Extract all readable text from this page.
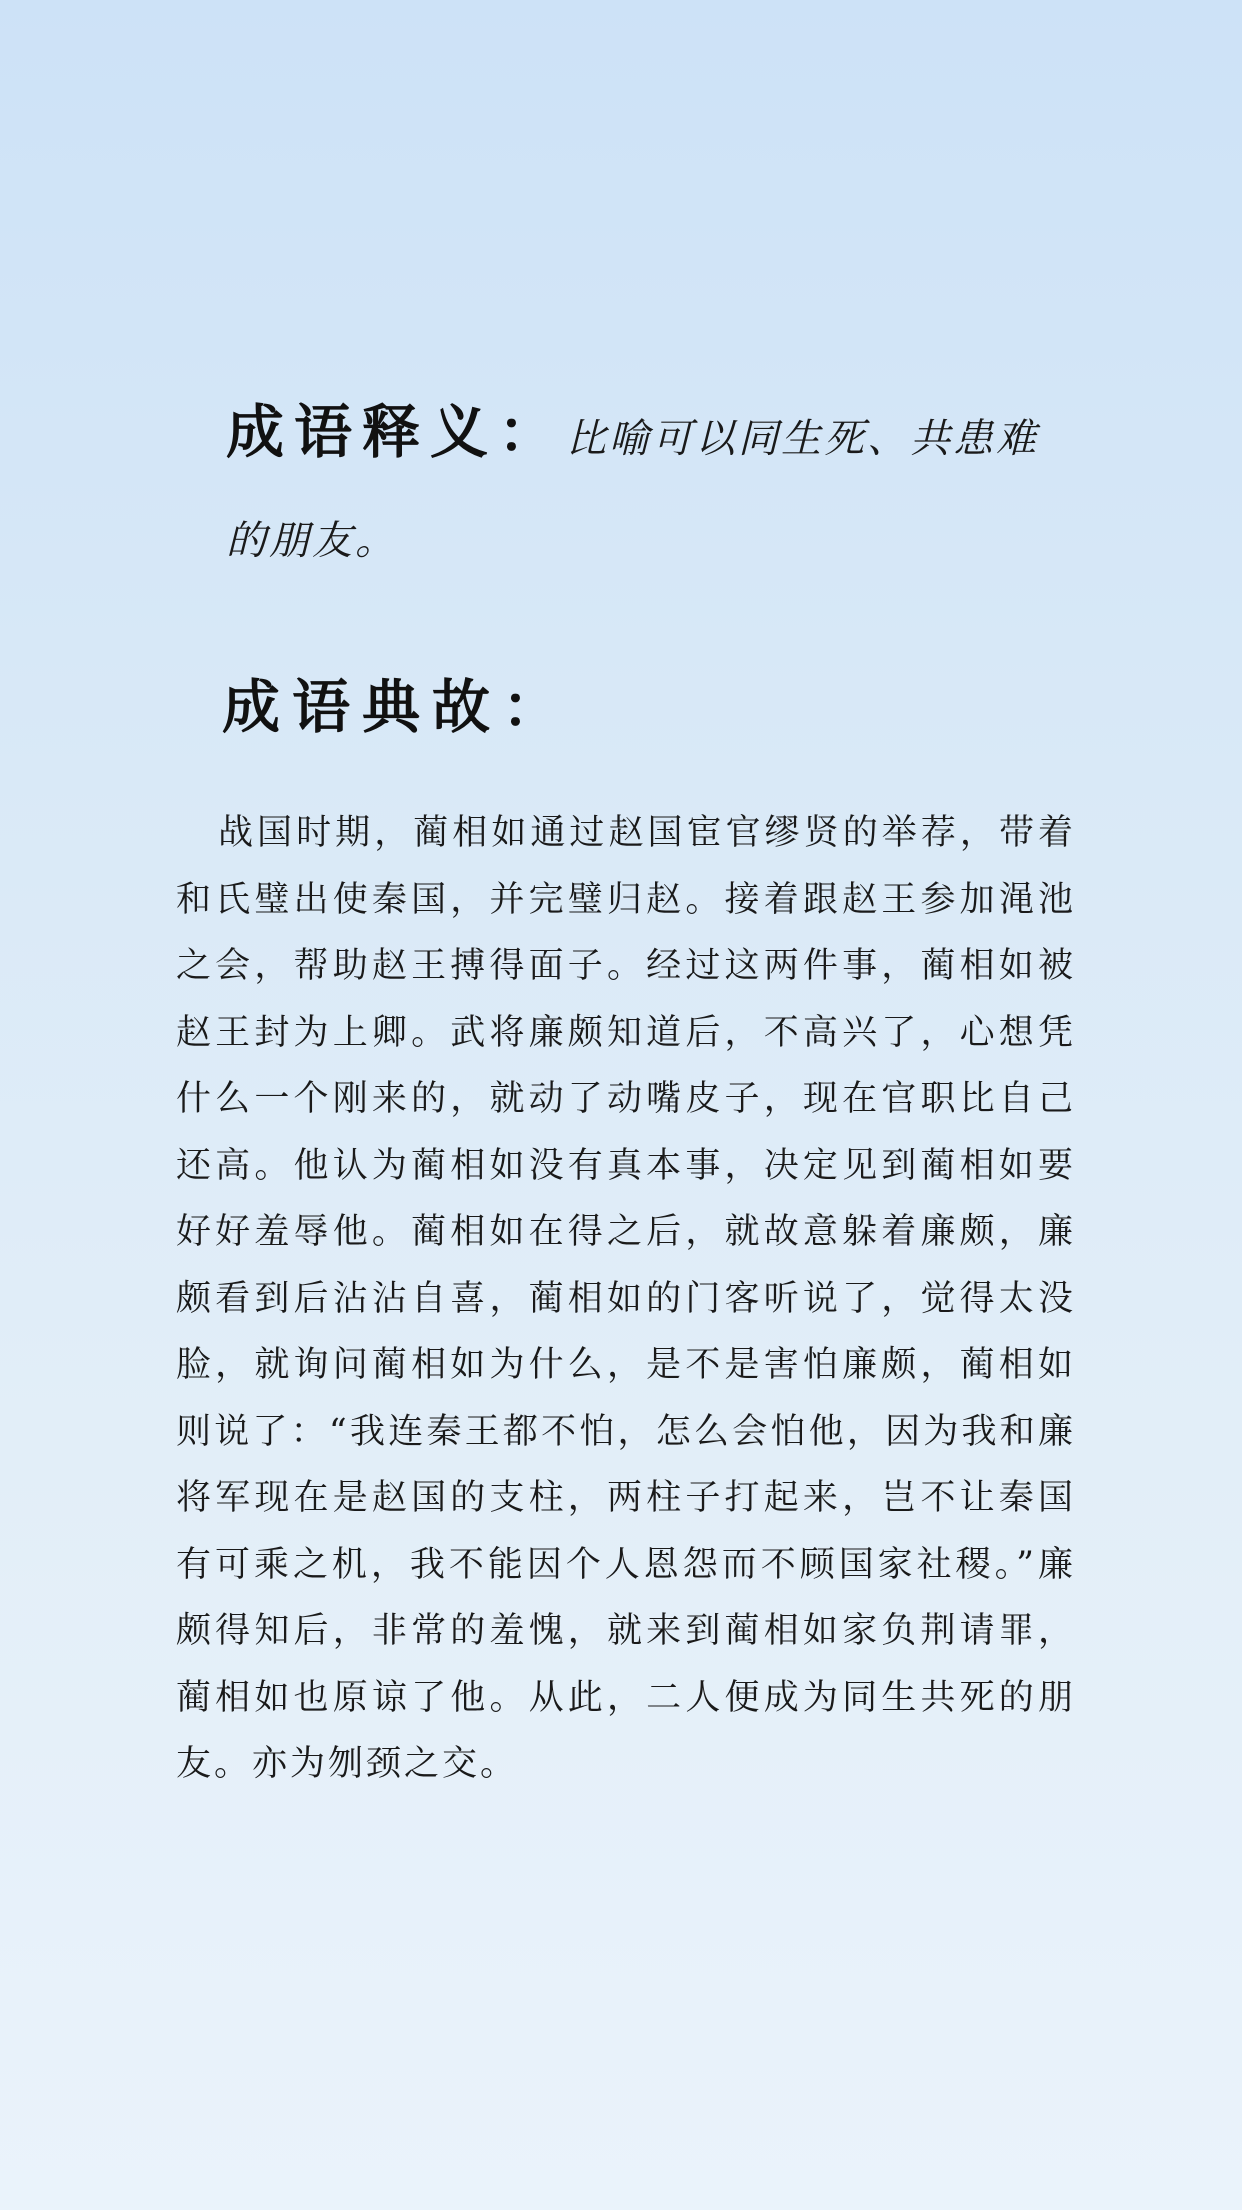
成语释义：比喻可以同生死、共患难的朋友。
成语典故：

战国时期，蔺相如通过赵国宦官缪贤的举荐，带着和氏璧出使秦国，并完璧归赵。接着跟赵王参加渑池之会，帮助赵王搏得面子。经过这两件事，蔺相如被赵王封为上卿。武将廉颇知道后，不高兴了，心想凭什么一个刚来的，就动了动嘴皮子，现在官职比自己还高。他认为蔺相如没有真本事，决定见到蔺相如要好好羞辱他。蔺相如在得之后，就故意躲着廉颇，廉颇看到后沾沾自喜，蔺相如的门客听说了，觉得太没脸，就询问蔺相如为什么，是不是害怕廉颇，蔺相如则说了：“我连秦王都不怕，怎么会怕他，因为我和廉将军现在是赵国的支柱，两柱子打起来，岂不让秦国有可乘之机，我不能因个人恩怨而不顾国家社稷。”廉颇得知后，非常的羞愧，就来到蔺相如家负荆请罪，蔺相如也原谅了他。从此，二人便成为同生共死的朋友。亦为刎颈之交。
